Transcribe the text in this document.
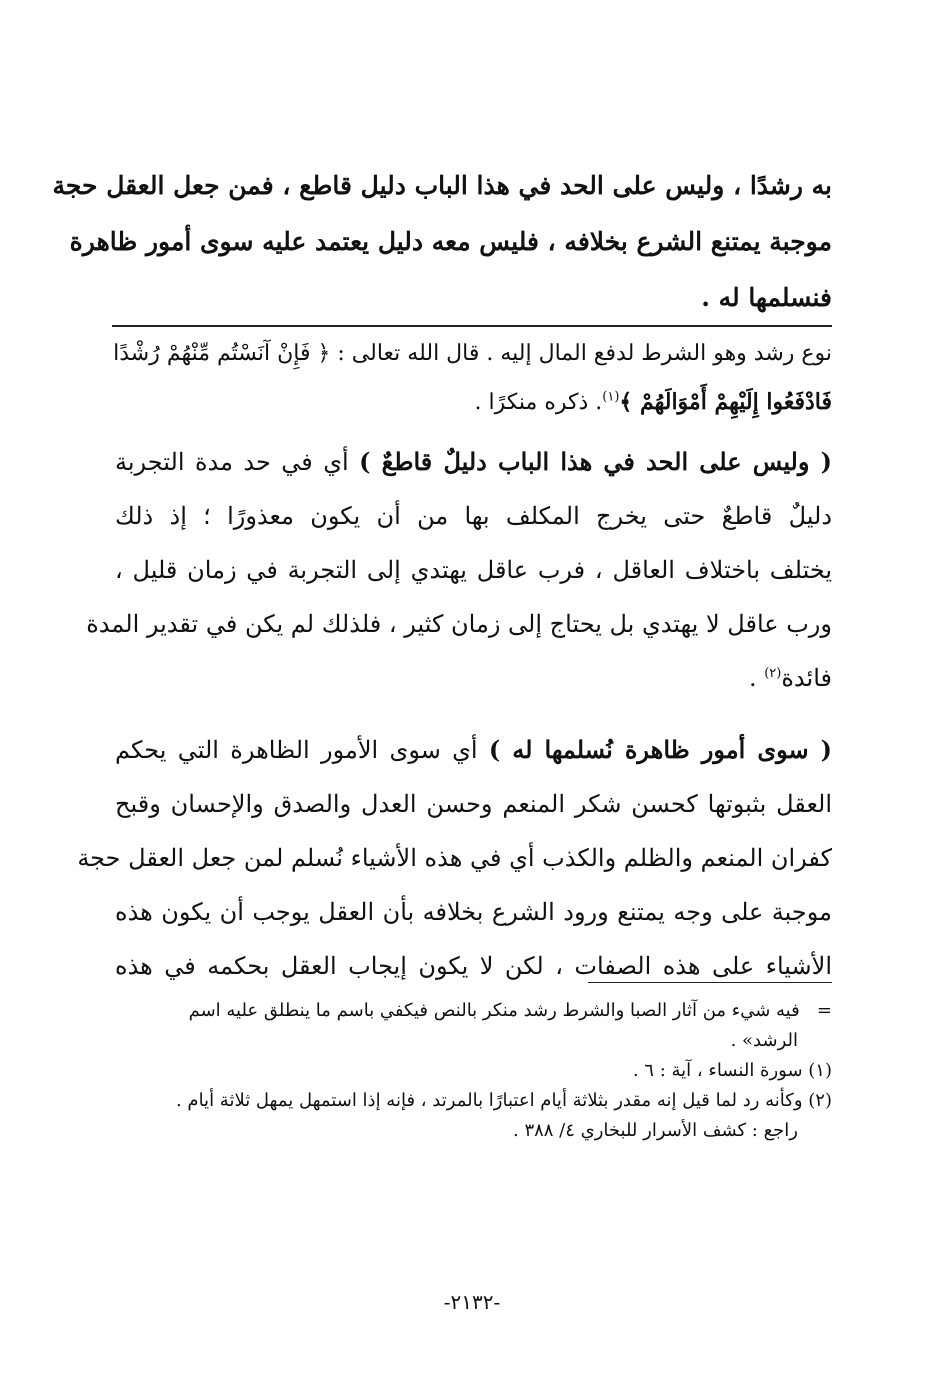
به رشدًا ، وليس على الحد في هذا الباب دليل قاطع ، فمن جعل العقل حجة
موجبة يمتنع الشرع بخلافه ، فليس معه دليل يعتمد عليه سوى أمور ظاهرة
فنسلمها له .
نوع رشد وهو الشرط لدفع المال إليه . قال الله تعالى : ﴿ فَإِنْ آنَسْتُم مِّنْهُمْ رُشْدًا
فَادْفَعُوا إِلَيْهِمْ أَمْوَالَهُمْ ﴾$^{(١)}$. ذكره منكرًا .
( وليس على الحد في هذا الباب دليلٌ قاطعٌ ) أي في حد مدة التجربة
دليلٌ قاطعٌ حتى يخرج المكلف بها من أن يكون معذورًا ؛ إذ ذلك
يختلف باختلاف العاقل ، فرب عاقل يهتدي إلى التجربة في زمان قليل ،
ورب عاقل لا يهتدي بل يحتاج إلى زمان كثير ، فلذلك لم يكن في تقدير المدة
فائدة$^{(٢)}$ .
( سوى أمور ظاهرة نُسلمها له ) أي سوى الأمور الظاهرة التي يحكم
العقل بثبوتها كحسن شكر المنعم وحسن العدل والصدق والإحسان وقبح
كفران المنعم والظلم والكذب أي في هذه الأشياء نُسلم لمن جعل العقل حجة
موجبة على وجه يمتنع ورود الشرع بخلافه بأن العقل يوجب أن يكون هذه
الأشياء على هذه الصفات ، لكن لا يكون إيجاب العقل بحكمه في هذه
=   فيه شيء من آثار الصبا والشرط رشد منكر بالنص فيكفي باسم ما ينطلق عليه اسم
الرشد» .
(١) سورة النساء ، آية : ٦ .
(٢) وكأنه رد لما قيل إنه مقدر بثلاثة أيام اعتبارًا بالمرتد ، فإنه إذا استمهل يمهل ثلاثة أيام .
راجع : كشف الأسرار للبخاري ٤/ ٣٨٨ .
-٢١٣٢-
